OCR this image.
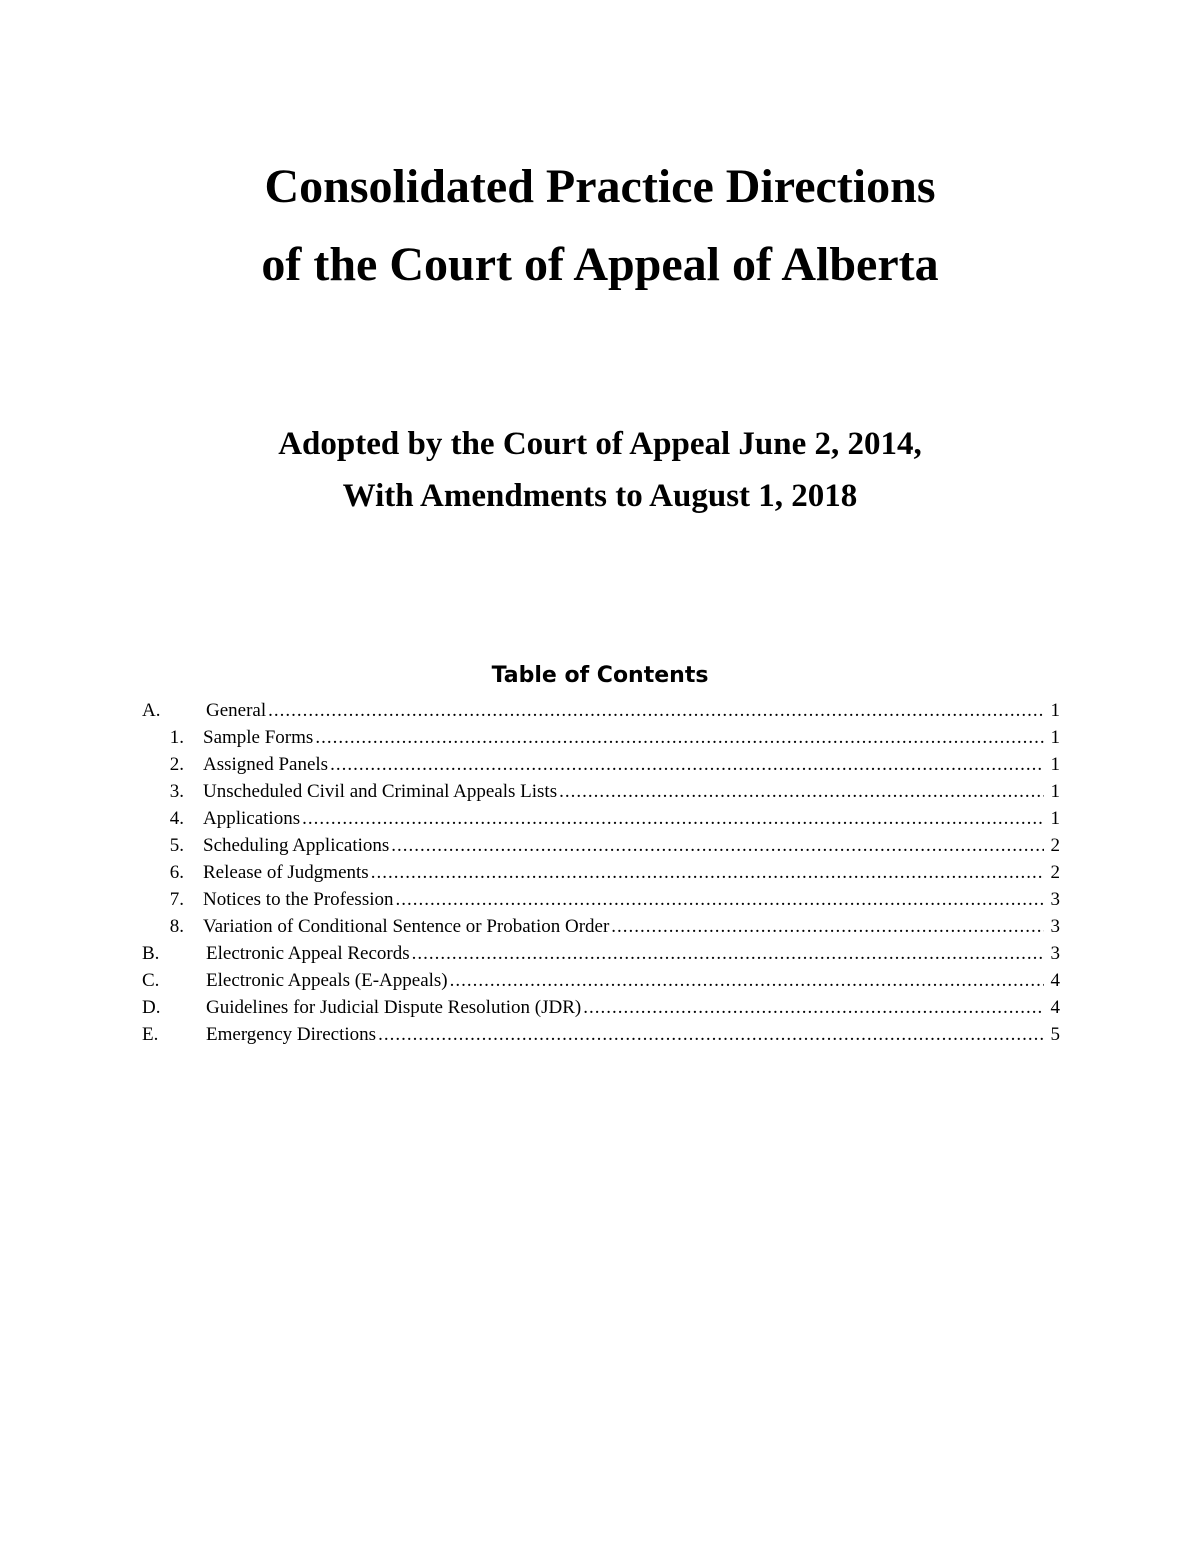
Consolidated Practice Directions

of the Court of Appeal of Alberta

Adopted by the Court of Appeal June 2, 2014,

With Amendments to August 1, 2018

Table of Contents
A.	General .....	1
1.	Sample Forms .....	1
2.	Assigned Panels .....	1
3.	Unscheduled Civil and Criminal Appeals Lists .....	1
4.	Applications .....	1
5.	Scheduling Applications .....	2
6.	Release of Judgments .....	2
7.	Notices to the Profession .....	3
8.	Variation of Conditional Sentence or Probation Order .....	3
B.	Electronic Appeal Records .....	3
C.	Electronic Appeals (E-Appeals) .....	4
D.	Guidelines for Judicial Dispute Resolution (JDR) .....	4
E.	Emergency Directions .....	5
